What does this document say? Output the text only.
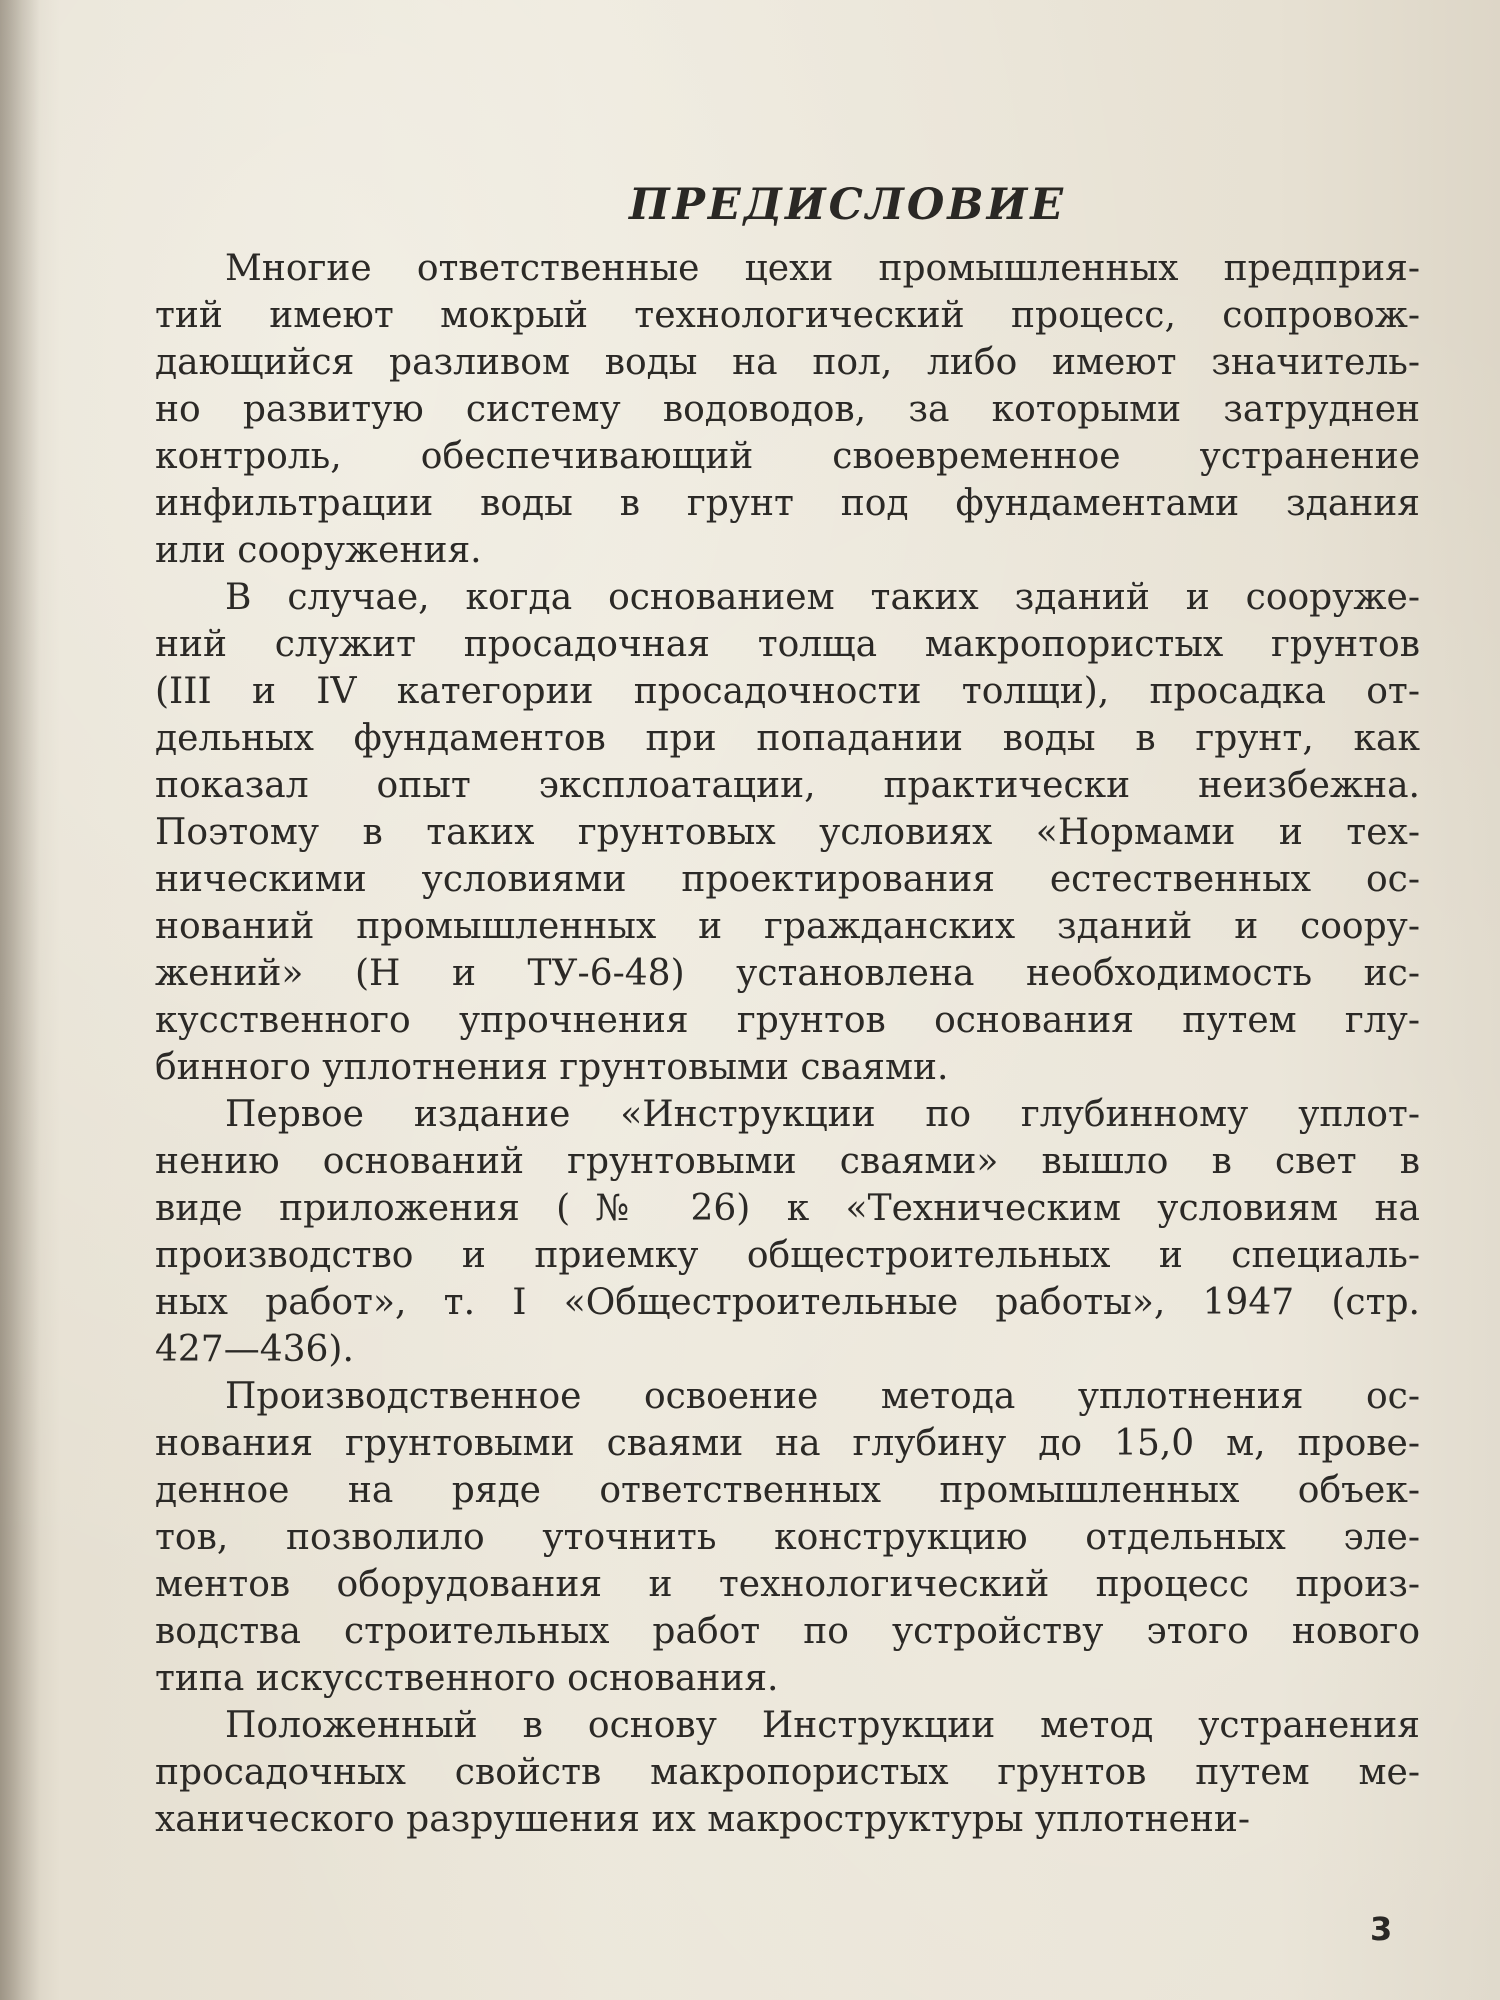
ПРЕДИСЛОВИЕ
Многие ответственные цехи промышленных предприя-
тий имеют мокрый технологический процесс, сопровож-
дающийся разливом воды на пол, либо имеют значитель-
но развитую систему водоводов, за которыми затруднен
контроль, обеспечивающий своевременное устранение
инфильтрации воды в грунт под фундаментами здания
или сооружения.
В случае, когда основанием таких зданий и сооруже-
ний служит просадочная толща макропористых грунтов
(III и IV категории просадочности толщи), просадка от-
дельных фундаментов при попадании воды в грунт, как
показал опыт эксплоатации, практически неизбежна.
Поэтому в таких грунтовых условиях «Нормами и тех-
ническими условиями проектирования естественных ос-
нований промышленных и гражданских зданий и соору-
жений» (Н и ТУ-6-48) установлена необходимость ис-
кусственного упрочнения грунтов основания путем глу-
бинного уплотнения грунтовыми сваями.
Первое издание «Инструкции по глубинному уплот-
нению оснований грунтовыми сваями» вышло в свет в
виде приложения (№ 26) к «Техническим условиям на
производство и приемку общестроительных и специаль-
ных работ», т. I «Общестроительные работы», 1947 (стр.
427—436).
Производственное освоение метода уплотнения ос-
нования грунтовыми сваями на глубину до 15,0 м, прове-
денное на ряде ответственных промышленных объек-
тов, позволило уточнить конструкцию отдельных эле-
ментов оборудования и технологический процесс произ-
водства строительных работ по устройству этого нового
типа искусственного основания.
Положенный в основу Инструкции метод устранения
просадочных свойств макропористых грунтов путем ме-
ханического разрушения их макроструктуры уплотнени-
3
